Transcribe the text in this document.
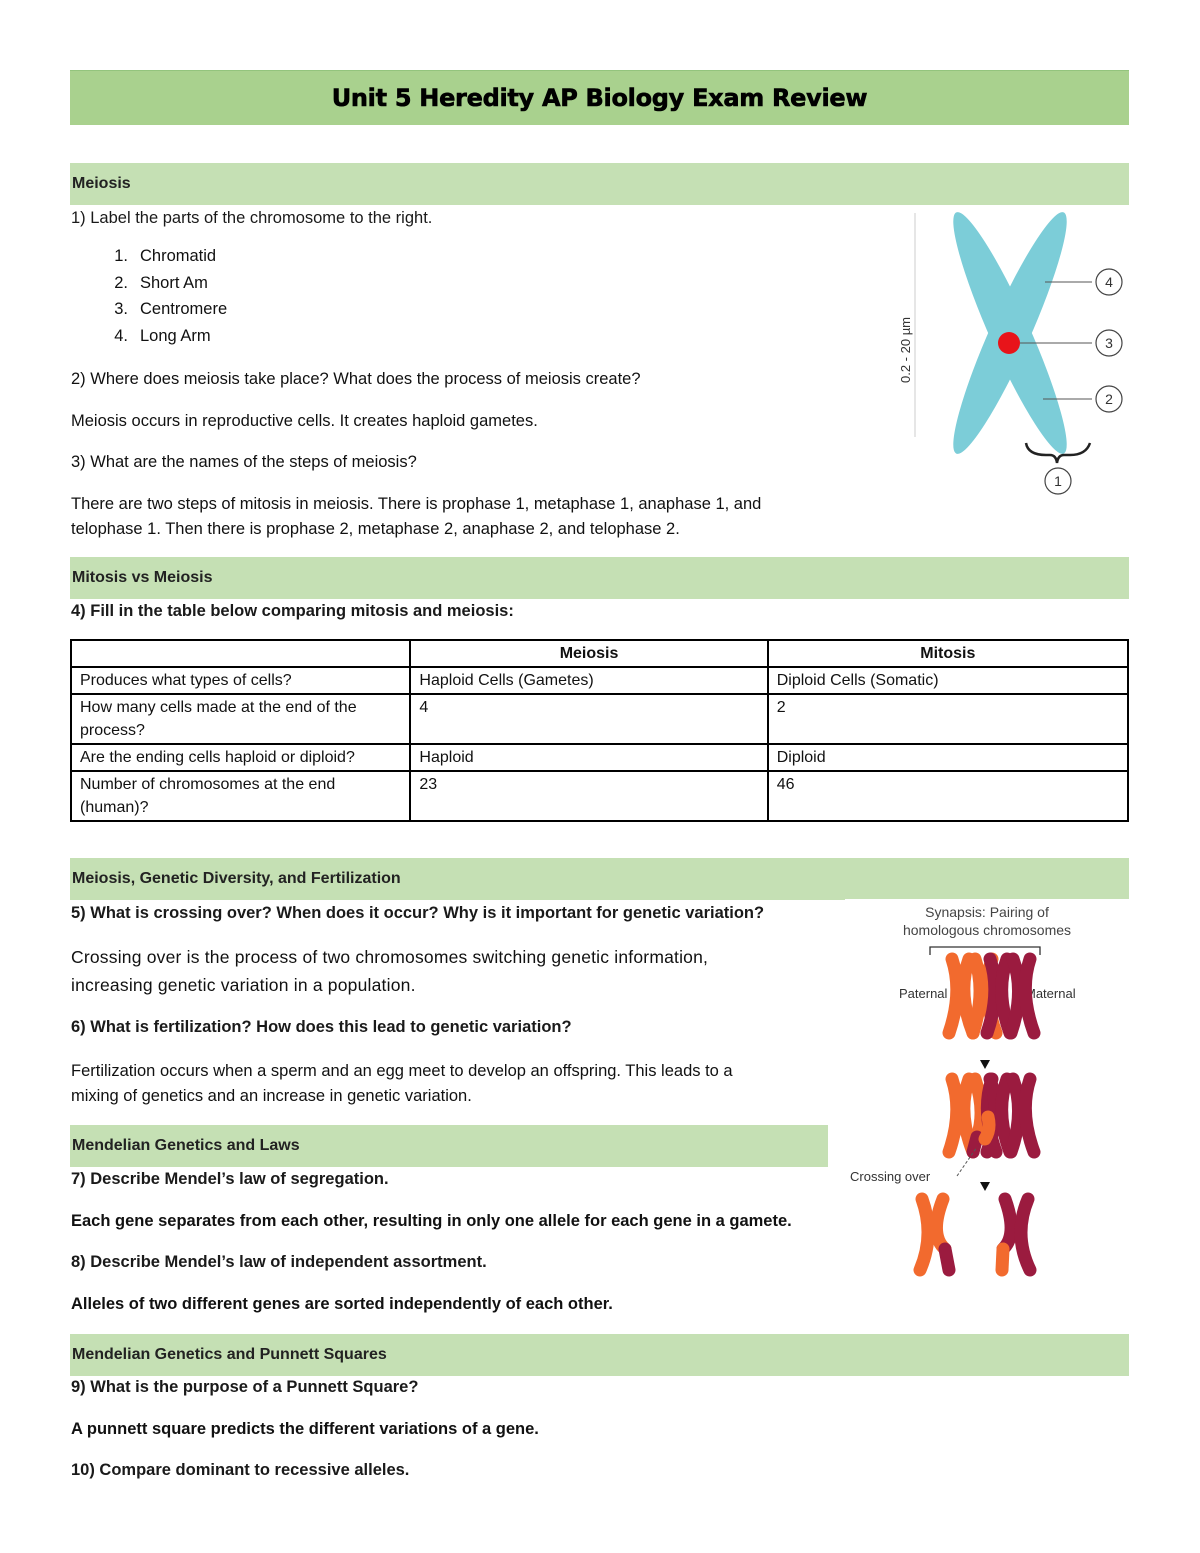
Unit 5 Heredity AP Biology Exam Review
Meiosis
1) Label the parts of the chromosome to the right.
1. Chromatid
2. Short Am
3. Centromere
4. Long Arm
2) Where does meiosis take place? What does the process of meiosis create?
Meiosis occurs in reproductive cells. It creates haploid gametes.
3) What are the names of the steps of meiosis?
There are two steps of mitosis in meiosis. There is prophase 1, metaphase 1, anaphase 1, and
telophase 1. Then there is prophase 2, metaphase 2, anaphase 2, and telophase 2.
0.2 - 20 µm
4
3
2
1
Mitosis vs Meiosis
4) Fill in the table below comparing mitosis and meiosis:
	Meiosis	Mitosis
Produces what types of cells?	Haploid Cells (Gametes)	Diploid Cells (Somatic)
How many cells made at the end of the process?	4	2
Are the ending cells haploid or diploid?	Haploid	Diploid
Number of chromosomes at the end (human)?	23	46
Meiosis, Genetic Diversity, and Fertilization
5) What is crossing over? When does it occur? Why is it important for genetic variation?
Crossing over is the process of two chromosomes switching genetic information,
increasing genetic variation in a population.
6) What is fertilization? How does this lead to genetic variation?
Fertilization occurs when a sperm and an egg meet to develop an offspring. This leads to a
mixing of genetics and an increase in genetic variation.
Mendelian Genetics and Laws
7) Describe Mendel’s law of segregation.
Each gene separates from each other, resulting in only one allele for each gene in a gamete.
8) Describe Mendel’s law of independent assortment.
Alleles of two different genes are sorted independently of each other.
Synapsis: Pairing of
homologous chromosomes
Paternal	Maternal
Crossing over
Mendelian Genetics and Punnett Squares
9) What is the purpose of a Punnett Square?
A punnett square predicts the different variations of a gene.
10) Compare dominant to recessive alleles.
